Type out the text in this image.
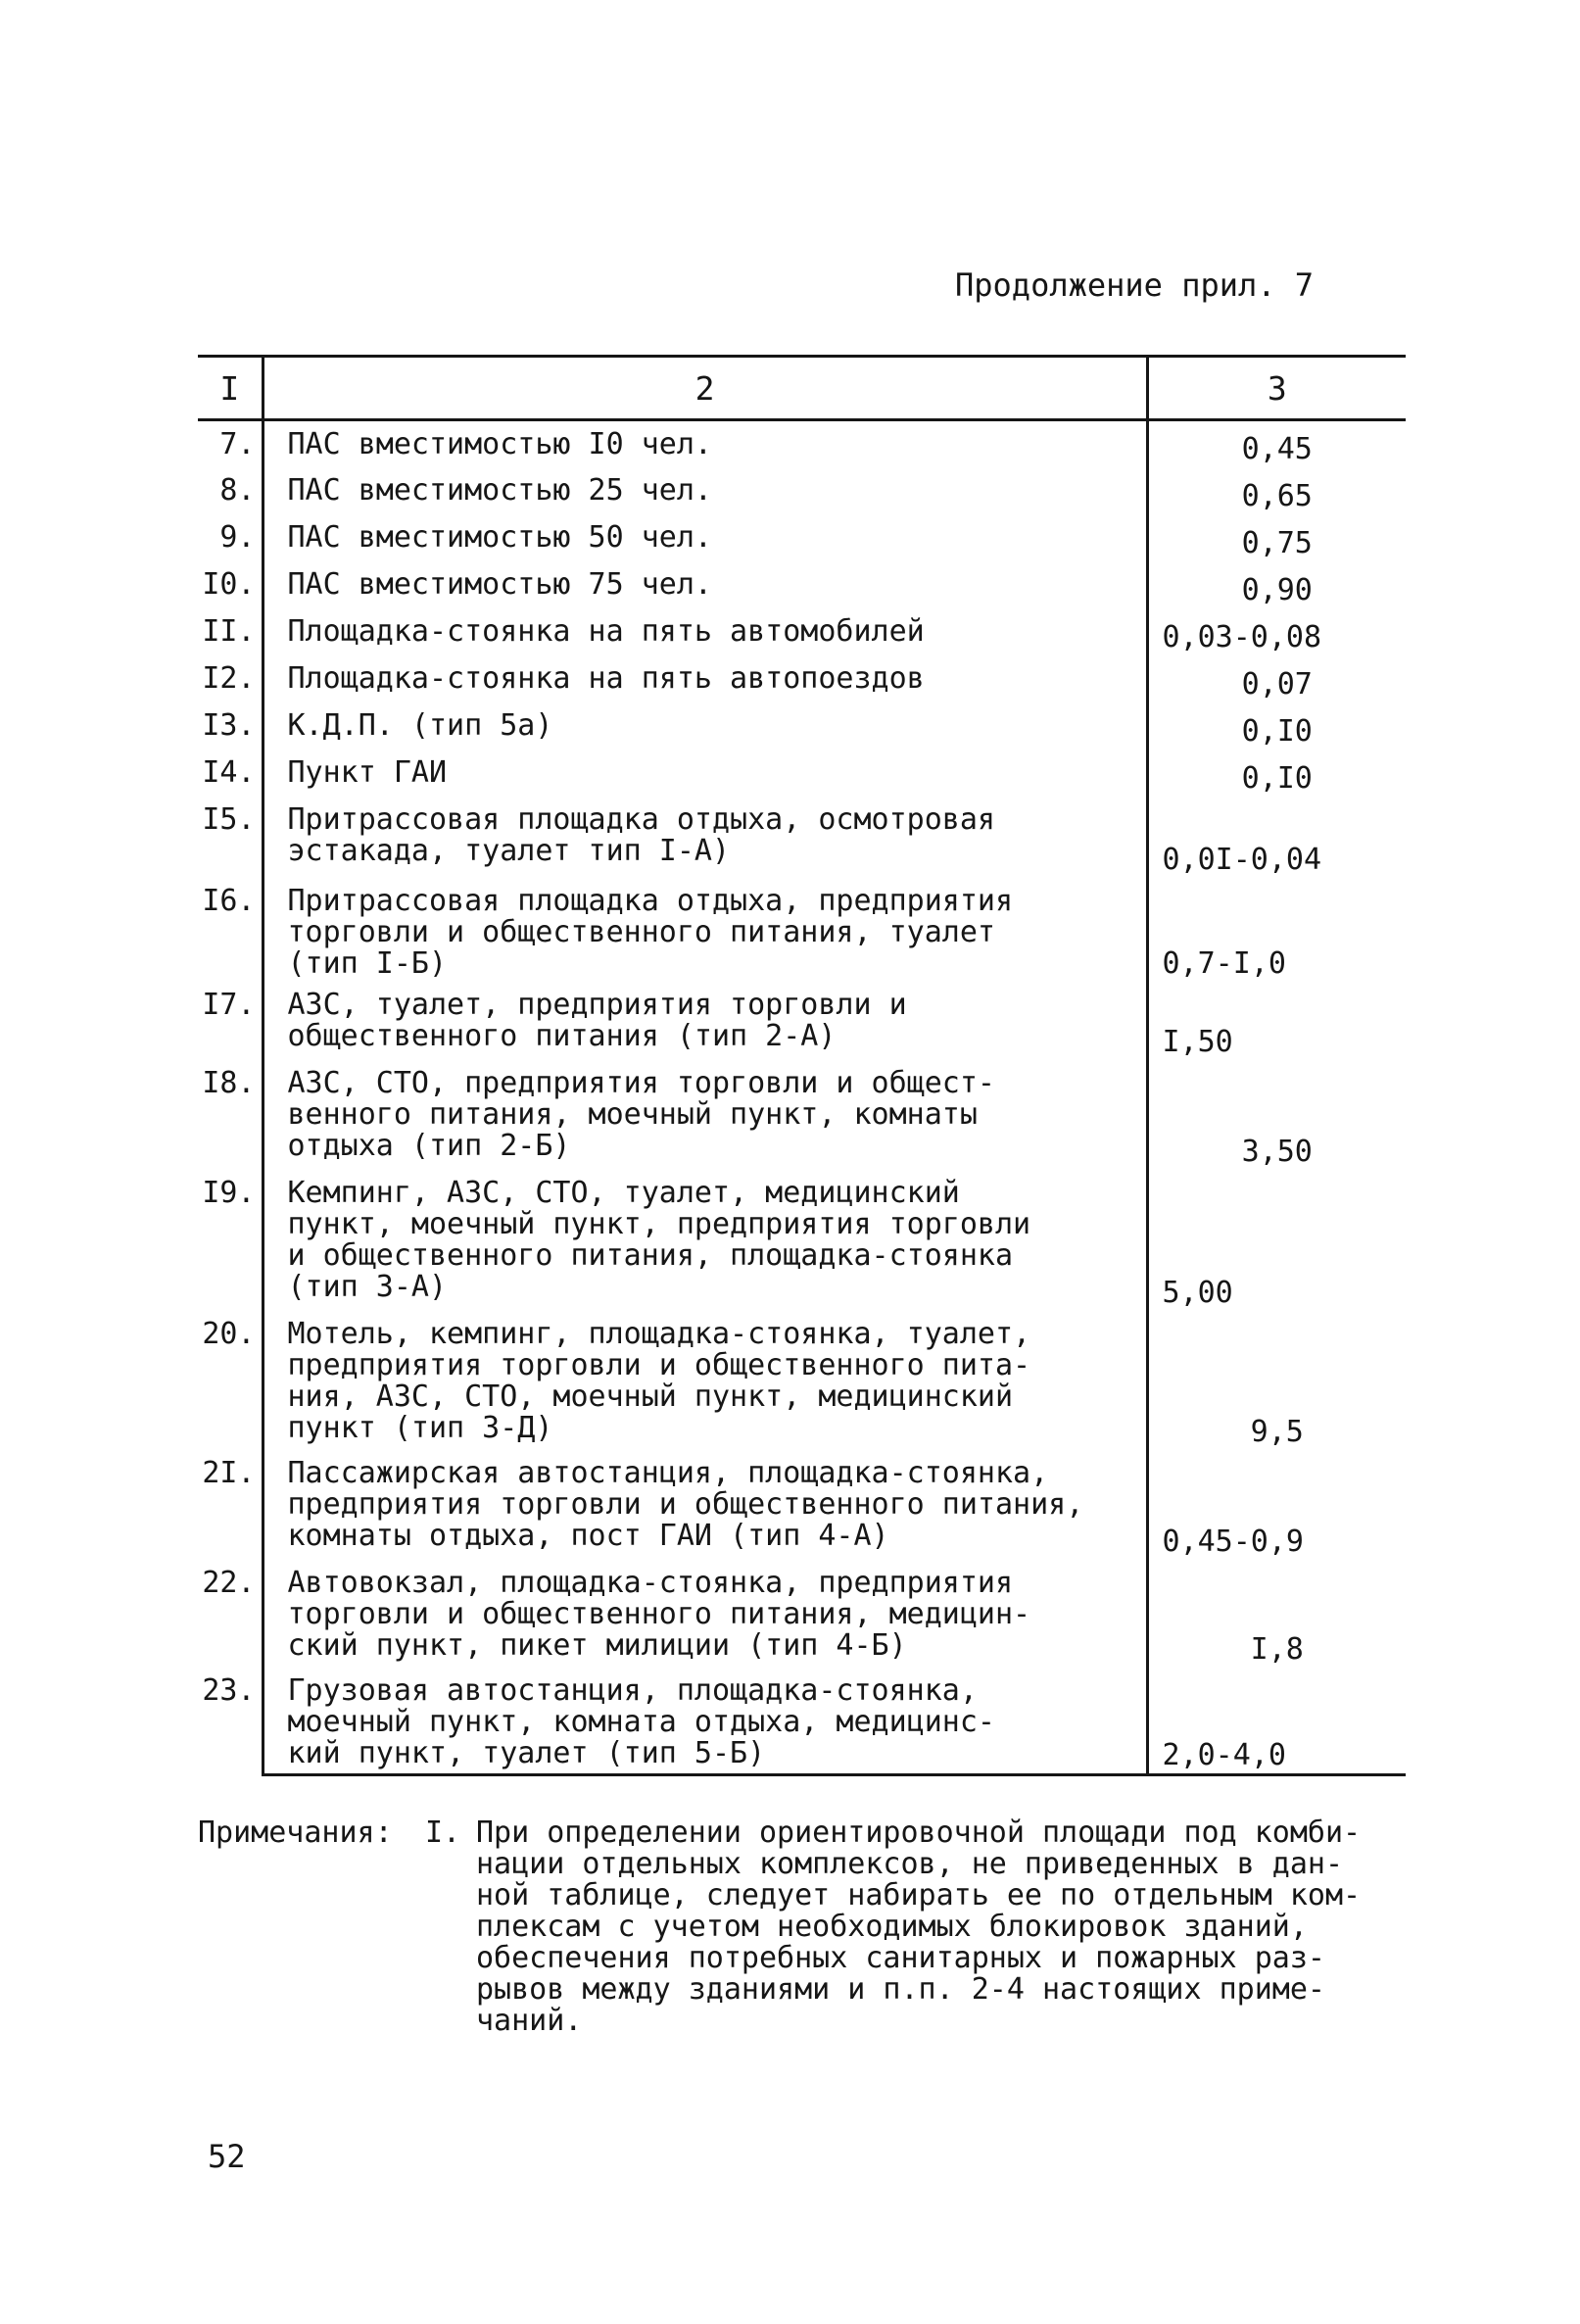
Продолжение прил. 7
I	2	3
7.	ПАС вместимостью I0 чел.	0,45
8.	ПАС вместимостью 25 чел.	0,65
9.	ПАС вместимостью 50 чел.	0,75
I0.	ПАС вместимостью 75 чел.	0,90
II.	Площадка-стоянка на пять автомобилей	0,03-0,08
I2.	Площадка-стоянка на пять автопоездов	0,07
I3.	К.Д.П. (тип 5а)	0,I0
I4.	Пункт ГАИ	0,I0
I5.	Притрассовая площадка отдыха, осмотровая
эстакада, туалет тип I-А)	0,0I-0,04
I6.	Притрассовая площадка отдыха, предприятия
торговли и общественного питания, туалет
(тип I-Б)	0,7-I,0
I7.	АЗС, туалет, предприятия торговли и
общественного питания (тип 2-А)	I,50
I8.	АЗС, СТО, предприятия торговли и общест-
венного питания, моечный пункт, комнаты
отдыха (тип 2-Б)	3,50
I9.	Кемпинг, АЗС, СТО, туалет, медицинский
пункт, моечный пункт, предприятия торговли
и общественного питания, площадка-стоянка
(тип 3-А)	5,00
20.	Мотель, кемпинг, площадка-стоянка, туалет,
предприятия торговли и общественного пита-
ния, АЗС, СТО, моечный пункт, медицинский
пункт (тип 3-Д)	9,5
2I.	Пассажирская автостанция, площадка-стоянка,
предприятия торговли и общественного питания,
комнаты отдыха, пост ГАИ (тип 4-А)	0,45-0,9
22.	Автовокзал, площадка-стоянка, предприятия
торговли и общественного питания, медицин-
ский пункт, пикет милиции (тип 4-Б)	I,8
23.	Грузовая автостанция, площадка-стоянка,
моечный пункт, комната отдыха, медицинс-
кий пункт, туалет (тип 5-Б)	2,0-4,0
Примечания: I. При определении ориентировочной площади под комби-
нации отдельных комплексов, не приведенных в дан-
ной таблице, следует набирать ее по отдельным ком-
плексам с учетом необходимых блокировок зданий,
обеспечения потребных санитарных и пожарных раз-
рывов между зданиями и п.п. 2-4 настоящих приме-
чаний.
52
